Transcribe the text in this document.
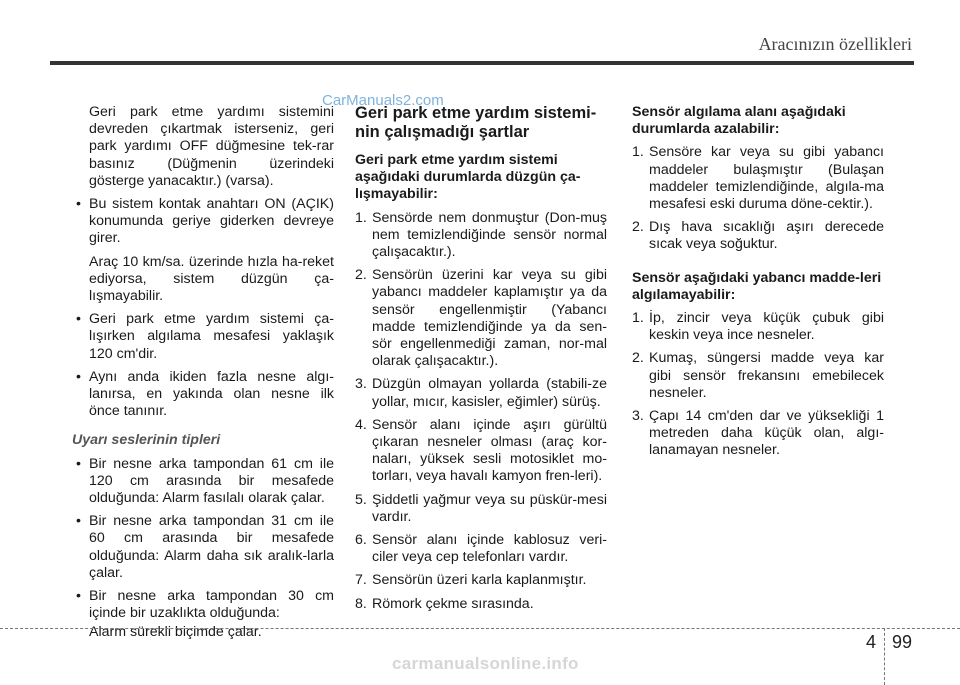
Aracınızın özellikleri
CarManuals2.com

Geri park etme yardımı sistemini devreden çıkartmak isterseniz, geri park yardımı OFF düğmesine tek-rar basınız (Düğmenin üzerindeki gösterge yanacaktır.) (varsa).

• Bu sistem kontak anahtarı ON (AÇIK) konumunda geriye giderken devreye girer.

Araç 10 km/sa. üzerinde hızla ha-reket ediyorsa, sistem düzgün ça-lışmayabilir.

• Geri park etme yardım sistemi ça-lışırken algılama mesafesi yaklaşık 120 cm'dir.
• Aynı anda ikiden fazla nesne algı-lanırsa, en yakında olan nesne ilk önce tanınır.
Uyarı seslerinin tipleri
• Bir nesne arka tampondan 61 cm ile 120 cm arasında bir mesafede olduğunda: Alarm fasılalı olarak çalar.
• Bir nesne arka tampondan 31 cm ile 60 cm arasında bir mesafede olduğunda: Alarm daha sık aralık-larla çalar.
• Bir nesne arka tampondan 30 cm içinde bir uzaklıkta olduğunda:

Alarm sürekli biçimde çalar.

Geri park etme yardım sistemi-nin çalışmadığı şartlar
Geri park etme yardım sistemi aşağıdaki durumlarda düzgün ça-lışmayabilir:
1. Sensörde nem donmuştur (Don-muş nem temizlendiğinde sensör normal çalışacaktır.).
2. Sensörün üzerini kar veya su gibi yabancı maddeler kaplamıştır ya da sensör engellenmiştir (Yabancı madde temizlendiğinde ya da sen-sör engellenmediği zaman, nor-mal olarak çalışacaktır.).
3. Düzgün olmayan yollarda (stabili-ze yollar, mıcır, kasisler, eğimler) sürüş.
4. Sensör alanı içinde aşırı gürültü çıkaran nesneler olması (araç kor-naları, yüksek sesli motosiklet mo-torları, veya havalı kamyon fren-leri).
5. Şiddetli yağmur veya su püskür-mesi vardır.
6. Sensör alanı içinde kablosuz veri-ciler veya cep telefonları vardır.
7. Sensörün üzeri karla kaplanmıştır.
8. Römork çekme sırasında.
Sensör algılama alanı aşağıdaki durumlarda azalabilir:
1. Sensöre kar veya su gibi yabancı maddeler bulaşmıştır (Bulaşan maddeler temizlendiğinde, algıla-ma mesafesi eski duruma döne-cektir.).
2. Dış hava sıcaklığı aşırı derecede sıcak veya soğuktur.
Sensör aşağıdaki yabancı madde-leri algılamayabilir:
1. İp, zincir veya küçük çubuk gibi keskin veya ince nesneler.
2. Kumaş, süngersi madde veya kar gibi sensör frekansını emebilecek nesneler.
3. Çapı 14 cm'den dar ve yüksekliği 1 metreden daha küçük olan, algı-lanamayan nesneler.
4 99
carmanualsonline.info
